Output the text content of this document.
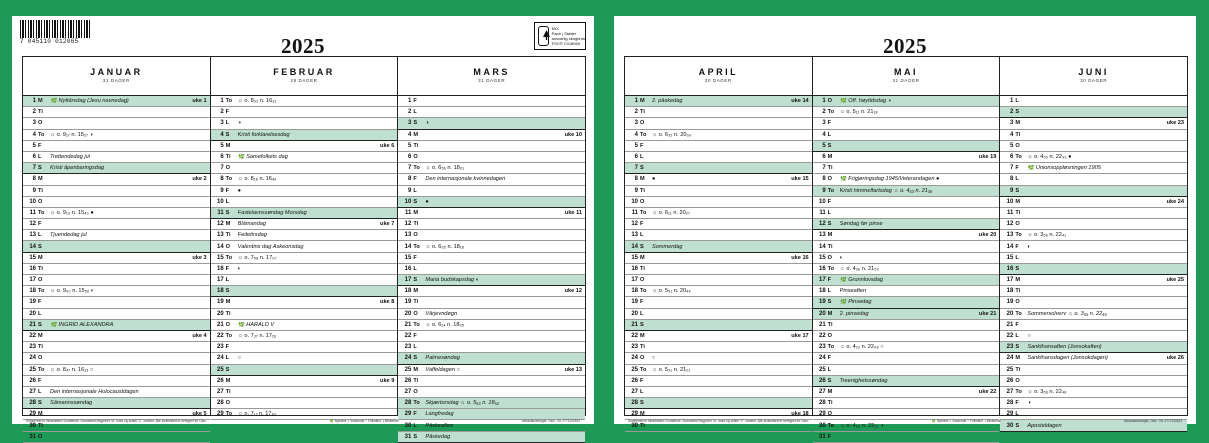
7 045110 012065	2025
MIX
Papir | Støtter
ansvarlig skogbruk
FSC® C018069
JANUAR
31 DAGER
1 M	🌿 Nyttårsdag (Jesu navnedag)	uke 1
2 Ti
3 O
4 To ☼ o. 9₁₇ n. 15₂₇ ◑
5 F
6 L	Trettendedag jul
7 S	Kristi åpenbaringsdag
8 M	uke 2
9 Ti
10 O
11 To ☼ o. 9₁₀ n. 15₄₀ ●
12 F
13 L	Tjuendedag jul
14 S
15 M	uke 3
16 Ti
17 O
18 To ☼ o. 9₀₀ n. 15₅₆ ◐
19 F
20 L
21 S	🌿 INGRID ALEXANDRA
22 M	uke 4
23 Ti
24 O
25 To ☼ o. 8₄₇ n. 16₁₃ ○
26 F
27 L	Den internasjonale Holocaustdagen
28 S	Såmannssøndag
29 M	uke 5
30 Ti
31 O
FEBRUAR
28 DAGER
1 To ☼ o. 8₃₃ n. 16₃₁
2 F
3 L	◑
4 S	Kristi forklarelsesdag
5 M	uke 6
6 Ti	🌿 Samefolkets dag
7 O
8 To ☼ o. 8₁₈ n. 16₄₉
9 F	●
10 L
11 S	Fastelavnssøndag Morsdag
12 M	Blåmandag	uke 7
13 Ti	Feitetirsdag
14 O	Valentins dag Askeonsdag
15 To ☼ o. 7₅₈ n. 17₀₇
16 F	◐
17 L
18 S
19 M	uke 8
20 Ti
21 O	🌿 HARALD V
22 To ☼ o. 7₃₇ n. 17₂₆
23 F
24 L	○
25 S
26 M	uke 9
27 Ti
28 O
29 To ☼ o. 7₁₇ n. 17₄₃
MARS
31 DAGER
1 F
2 L
3 S	◑
4 M	uke 10
5 Ti
6 O
7 To ☼ o. 6₅₆ n. 18₀₁
8 F	Den internasjonale kvinnedagen
9 L
10 S	●
11 M	uke 11
12 Ti
13 O
14 To ☼ o. 6₃₅ n. 18₁₈
15 F
16 L
17 S	Maria budskapsdag ◐
18 M	uke 12
19 Ti
20 O	Vårjevndøgn
21 To ☼ o. 6₁₄ n. 18₃₅
22 F
23 L
24 S	Palmesøndag
25 M	Vaffeldagen ○	uke 13
26 Ti
27 O
28 To Skjærtorsdag ☼ o. 5₅₃ n. 18₅₂
29 F	Langfredag
30 L	Påskeaften
31 S	Påskedag
Sommertid er innarbeidet i kl.slettene. Sommertid begynner 31. mars og slutter 27. oktober. Alle klokkeslett er beregnet for Oslo.	🌿 Nymåne ◐ Voksende ○ Fullmåne ◑ Minkende	Almanakkforlaget, Oslo · Nr. 2771102524
2025
APRIL
30 DAGER
1 M	2. påskedag	uke 14
2 Ti
3 O
4 To ☼ o. 6₃₂ n. 20₀₉
5 F
6 L
7 S
8 M	●	uke 15
9 Ti
10 O
11 To ☼ o. 6₁₁ n. 20₂₇
12 F
13 L
14 S	Sommerdag
15 M	uke 16
16 Ti
17 O
18 To ☼ o. 5₅₁ n. 20₄₄
19 F
20 L
21 S
22 M	uke 17
23 Ti
24 O	○
25 To ☼ o. 5₃₁ n. 21₀₁
26 F
27 L
28 S
29 M	uke 18
30 Ti
MAI
31 DAGER
1 O	🌿 Off. høytidsdag ◑
2 To ☼ o. 5₁₁ n. 21₁₈
3 F
4 L
5 S
6 M	uke 19
7 Ti
8 O	🌿 Frigjøringsdag 1945/Veterandagen ●
9 To Kristi himmelfartsdag ☼ o. 4₅₃ n. 21₃₆
10 F
11 L
12 S	Søndag før pinse
13 M	uke 20
14 Ti
15 O	◐
16 To ☼ o. 4₃₆ n. 21₅₃
17 F	🌿 Grunnlovsdag
18 L	Pinseaften
19 S	🌿 Pinsedag
20 M	2. pinsedag	uke 21
21 Ti
22 O
23 To ☼ o. 4₂₂ n. 22₀₈ ○
24 F
25 L
26 S	Treenighetssøndag
27 M	uke 22
28 Ti
29 O
30 To ☼ o. 4₀₉ n. 22₂₂ ◑
31 F
JUNI
30 DAGER
1 L
2 S
3 M	uke 23
4 Ti
5 O
6 To ☼ o. 4₀₀ n. 22₃₃ ●
7 F	🌿 Unionsoppløsningen 1905
8 L
9 S
10 M	uke 24
11 Ti
12 O
13 To ☼ o. 3₅₆ n. 22₄₁
14 F	◐
15 L
16 S
17 M	uke 25
18 Ti
19 O
20 To Sommersolverv ☼ o. 3₅₅ n. 22₄₄
21 F
22 L	○
23 S	Sankthansaften (Jonsokaften)
24 M	Sankthansdagen (Jonsokdagen)	uke 26
25 Ti
26 O
27 To ☼ o. 3₅₆ n. 22₄₈
28 F	◑
29 L
30 S	Aposteldagen
Sommertid er innarbeidet i kl.slettene. Sommertid begynner 31. mars og slutter 27. oktober. Alle klokkeslett er beregnet for Oslo.	🌿 Nymåne ◐ Voksende ○ Fullmåne ◑ Minkende	Almanakkforlaget, Oslo · Nr. 2771102524
